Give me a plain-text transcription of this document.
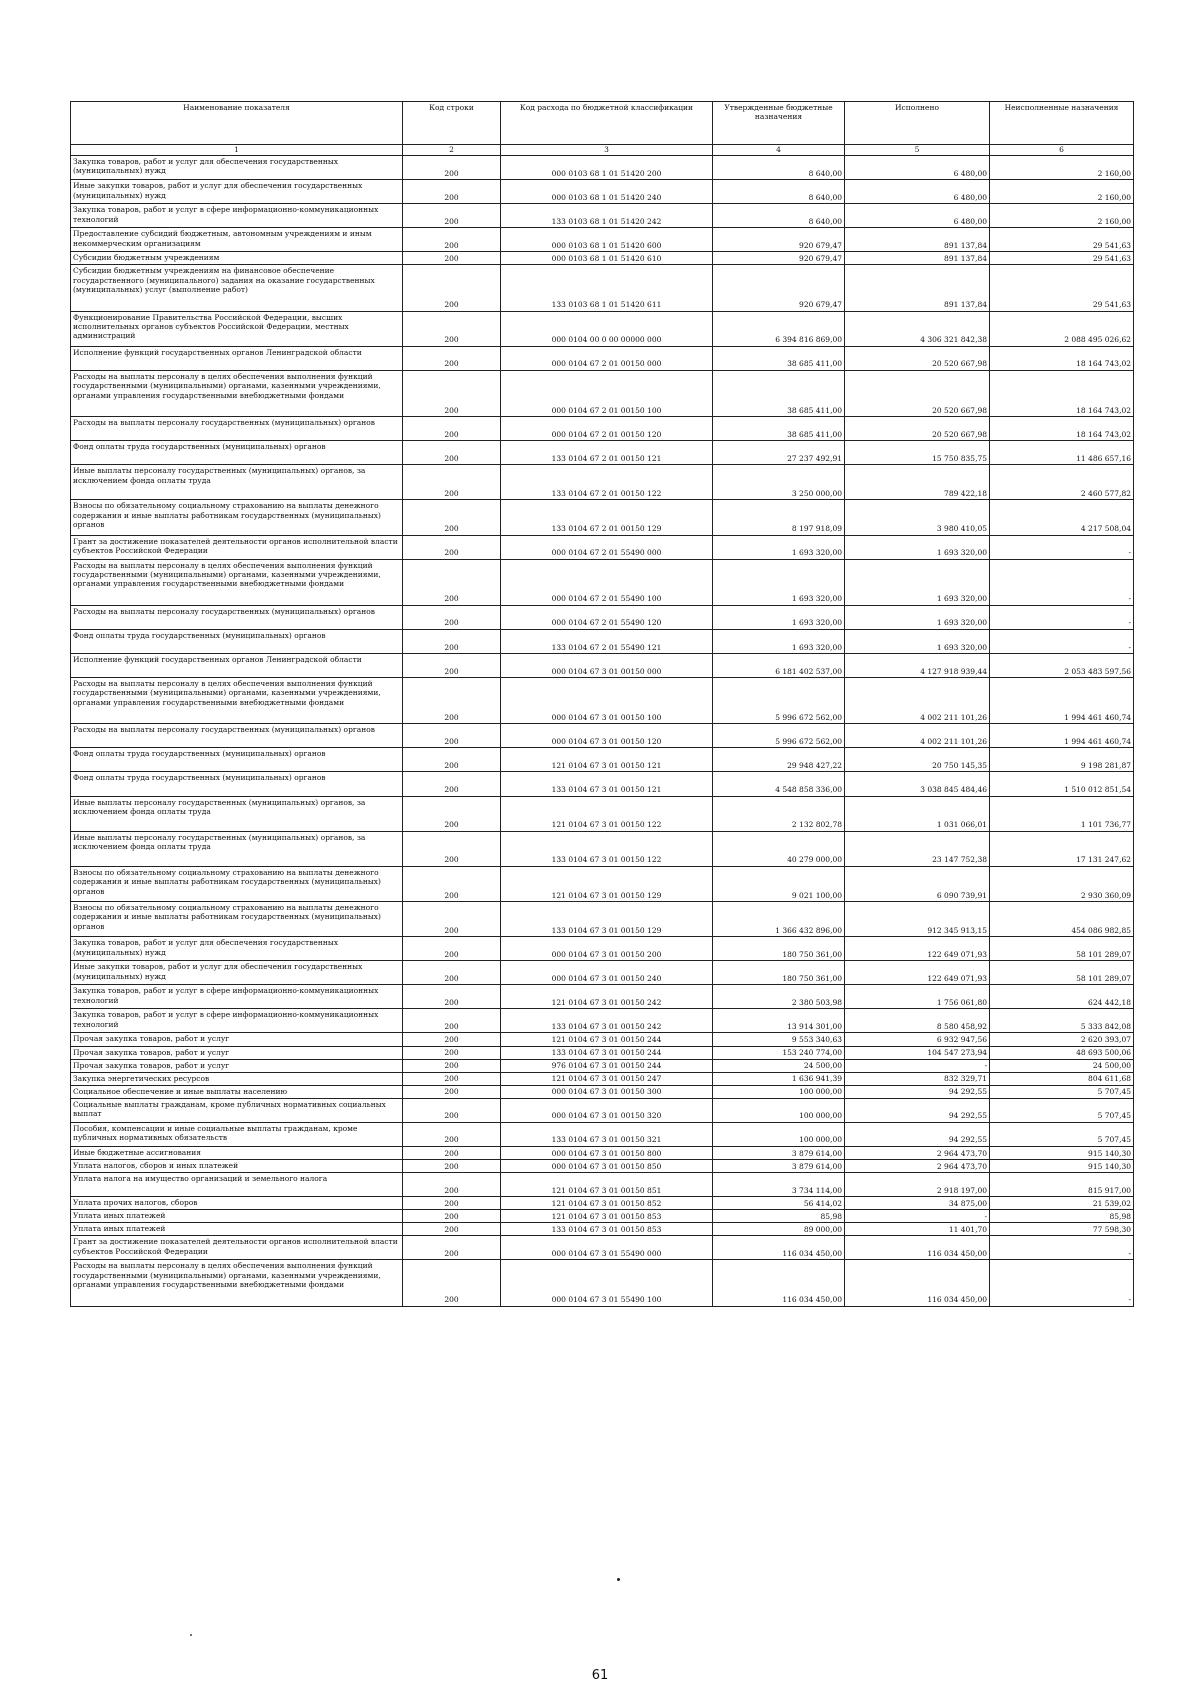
Наименование показателя	Код строки	Код расхода по бюджетной классификации	Утвержденные бюджетные назначения	Исполнено	Неисполненные назначения
1	2	3	4	5	6
Закупка товаров, работ и услуг для обеспечения государственных (муниципальных) нужд	200	000 0103 68 1 01 51420 200	8 640,00	6 480,00	2 160,00
Иные закупки товаров, работ и услуг для обеспечения государственных (муниципальных) нужд	200	000 0103 68 1 01 51420 240	8 640,00	6 480,00	2 160,00
Закупка товаров, работ и услуг в сфере информационно-коммуникационных технологий	200	133 0103 68 1 01 51420 242	8 640,00	6 480,00	2 160,00
Предоставление субсидий бюджетным, автономным учреждениям и иным некоммерческим организациям	200	000 0103 68 1 01 51420 600	920 679,47	891 137,84	29 541,63
Субсидии бюджетным учреждениям	200	000 0103 68 1 01 51420 610	920 679,47	891 137,84	29 541,63
Субсидии бюджетным учреждениям на финансовое обеспечение государственного (муниципального) задания на оказание государственных (муниципальных) услуг (выполнение работ)	200	133 0103 68 1 01 51420 611	920 679,47	891 137,84	29 541,63
Функционирование Правительства Российской Федерации, высших исполнительных органов субъектов Российской Федерации, местных администраций	200	000 0104 00 0 00 00000 000	6 394 816 869,00	4 306 321 842,38	2 088 495 026,62
Исполнение функций государственных органов Ленинградской области	200	000 0104 67 2 01 00150 000	38 685 411,00	20 520 667,98	18 164 743,02
Расходы на выплаты персоналу в целях обеспечения выполнения функций государственными (муниципальными) органами, казенными учреждениями, органами управления государственными внебюджетными фондами	200	000 0104 67 2 01 00150 100	38 685 411,00	20 520 667,98	18 164 743,02
Расходы на выплаты персоналу государственных (муниципальных) органов	200	000 0104 67 2 01 00150 120	38 685 411,00	20 520 667,98	18 164 743,02
Фонд оплаты труда государственных (муниципальных) органов	200	133 0104 67 2 01 00150 121	27 237 492,91	15 750 835,75	11 486 657,16
Иные выплаты персоналу государственных (муниципальных) органов, за исключением фонда оплаты труда	200	133 0104 67 2 01 00150 122	3 250 000,00	789 422,18	2 460 577,82
Взносы по обязательному социальному страхованию на выплаты денежного содержания и иные выплаты работникам государственных (муниципальных) органов	200	133 0104 67 2 01 00150 129	8 197 918,09	3 980 410,05	4 217 508,04
Грант за достижение показателей деятельности органов исполнительной власти субъектов Российской Федерации	200	000 0104 67 2 01 55490 000	1 693 320,00	1 693 320,00	-
Расходы на выплаты персоналу в целях обеспечения выполнения функций государственными (муниципальными) органами, казенными учреждениями, органами управления государственными внебюджетными фондами	200	000 0104 67 2 01 55490 100	1 693 320,00	1 693 320,00	-
Расходы на выплаты персоналу государственных (муниципальных) органов	200	000 0104 67 2 01 55490 120	1 693 320,00	1 693 320,00	-
Фонд оплаты труда государственных (муниципальных) органов	200	133 0104 67 2 01 55490 121	1 693 320,00	1 693 320,00	-
Исполнение функций государственных органов Ленинградской области	200	000 0104 67 3 01 00150 000	6 181 402 537,00	4 127 918 939,44	2 053 483 597,56
Расходы на выплаты персоналу в целях обеспечения выполнения функций государственными (муниципальными) органами, казенными учреждениями, органами управления государственными внебюджетными фондами	200	000 0104 67 3 01 00150 100	5 996 672 562,00	4 002 211 101,26	1 994 461 460,74
Расходы на выплаты персоналу государственных (муниципальных) органов	200	000 0104 67 3 01 00150 120	5 996 672 562,00	4 002 211 101,26	1 994 461 460,74
Фонд оплаты труда государственных (муниципальных) органов	200	121 0104 67 3 01 00150 121	29 948 427,22	20 750 145,35	9 198 281,87
Фонд оплаты труда государственных (муниципальных) органов	200	133 0104 67 3 01 00150 121	4 548 858 336,00	3 038 845 484,46	1 510 012 851,54
Иные выплаты персоналу государственных (муниципальных) органов, за исключением фонда оплаты труда	200	121 0104 67 3 01 00150 122	2 132 802,78	1 031 066,01	1 101 736,77
Иные выплаты персоналу государственных (муниципальных) органов, за исключением фонда оплаты труда	200	133 0104 67 3 01 00150 122	40 279 000,00	23 147 752,38	17 131 247,62
Взносы по обязательному социальному страхованию на выплаты денежного содержания и иные выплаты работникам государственных (муниципальных) органов	200	121 0104 67 3 01 00150 129	9 021 100,00	6 090 739,91	2 930 360,09
Взносы по обязательному социальному страхованию на выплаты денежного содержания и иные выплаты работникам государственных (муниципальных) органов	200	133 0104 67 3 01 00150 129	1 366 432 896,00	912 345 913,15	454 086 982,85
Закупка товаров, работ и услуг для обеспечения государственных (муниципальных) нужд	200	000 0104 67 3 01 00150 200	180 750 361,00	122 649 071,93	58 101 289,07
Иные закупки товаров, работ и услуг для обеспечения государственных (муниципальных) нужд	200	000 0104 67 3 01 00150 240	180 750 361,00	122 649 071,93	58 101 289,07
Закупка товаров, работ и услуг в сфере информационно-коммуникационных технологий	200	121 0104 67 3 01 00150 242	2 380 503,98	1 756 061,80	624 442,18
Закупка товаров, работ и услуг в сфере информационно-коммуникационных технологий	200	133 0104 67 3 01 00150 242	13 914 301,00	8 580 458,92	5 333 842,08
Прочая закупка товаров, работ и услуг	200	121 0104 67 3 01 00150 244	9 553 340,63	6 932 947,56	2 620 393,07
Прочая закупка товаров, работ и услуг	200	133 0104 67 3 01 00150 244	153 240 774,00	104 547 273,94	48 693 500,06
Прочая закупка товаров, работ и услуг	200	976 0104 67 3 01 00150 244	24 500,00	-	24 500,00
Закупка энергетических ресурсов	200	121 0104 67 3 01 00150 247	1 636 941,39	832 329,71	804 611,68
Социальное обеспечение и иные выплаты населению	200	000 0104 67 3 01 00150 300	100 000,00	94 292,55	5 707,45
Социальные выплаты гражданам, кроме публичных нормативных социальных выплат	200	000 0104 67 3 01 00150 320	100 000,00	94 292,55	5 707,45
Пособия, компенсации и иные социальные выплаты гражданам, кроме публичных нормативных обязательств	200	133 0104 67 3 01 00150 321	100 000,00	94 292,55	5 707,45
Иные бюджетные ассигнования	200	000 0104 67 3 01 00150 800	3 879 614,00	2 964 473,70	915 140,30
Уплата налогов, сборов и иных платежей	200	000 0104 67 3 01 00150 850	3 879 614,00	2 964 473,70	915 140,30
Уплата налога на имущество организаций и земельного налога	200	121 0104 67 3 01 00150 851	3 734 114,00	2 918 197,00	815 917,00
Уплата прочих налогов, сборов	200	121 0104 67 3 01 00150 852	56 414,02	34 875,00	21 539,02
Уплата иных платежей	200	121 0104 67 3 01 00150 853	85,98	-	85,98
Уплата иных платежей	200	133 0104 67 3 01 00150 853	89 000,00	11 401,70	77 598,30
Грант за достижение показателей деятельности органов исполнительной власти субъектов Российской Федерации	200	000 0104 67 3 01 55490 000	116 034 450,00	116 034 450,00	-
Расходы на выплаты персоналу в целях обеспечения выполнения функций государственными (муниципальными) органами, казенными учреждениями, органами управления государственными внебюджетными фондами	200	000 0104 67 3 01 55490 100	116 034 450,00	116 034 450,00	-
61
